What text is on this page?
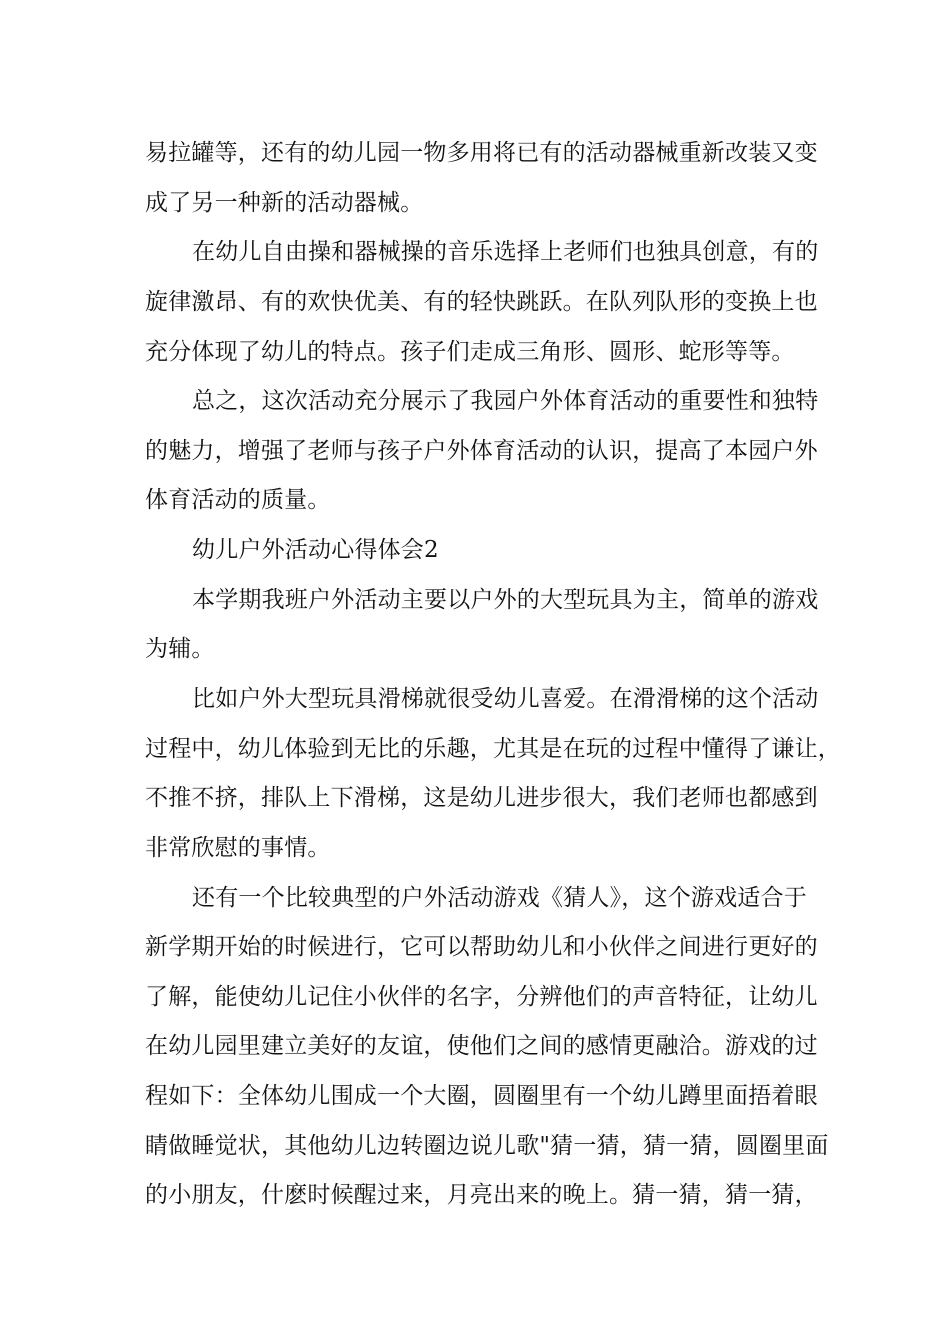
易拉罐等，还有的幼儿园一物多用将已有的活动器械重新改装又变
成了另一种新的活动器械。
在幼儿自由操和器械操的音乐选择上老师们也独具创意，有的
旋律激昂、有的欢快优美、有的轻快跳跃。在队列队形的变换上也
充分体现了幼儿的特点。孩子们走成三角形、圆形、蛇形等等。
总之，这次活动充分展示了我园户外体育活动的重要性和独特
的魅力，增强了老师与孩子户外体育活动的认识，提高了本园户外
体育活动的质量。
幼儿户外活动心得体会2
本学期我班户外活动主要以户外的大型玩具为主，简单的游戏
为辅。
比如户外大型玩具滑梯就很受幼儿喜爱。在滑滑梯的这个活动
过程中，幼儿体验到无比的乐趣，尤其是在玩的过程中懂得了谦让，
不推不挤，排队上下滑梯，这是幼儿进步很大，我们老师也都感到
非常欣慰的事情。
还有一个比较典型的户外活动游戏《猜人》，这个游戏适合于
新学期开始的时候进行，它可以帮助幼儿和小伙伴之间进行更好的
了解，能使幼儿记住小伙伴的名字，分辨他们的声音特征，让幼儿
在幼儿园里建立美好的友谊，使他们之间的感情更融洽。游戏的过
程如下：全体幼儿围成一个大圈，圆圈里有一个幼儿蹲里面捂着眼
睛做睡觉状，其他幼儿边转圈边说儿歌"猜一猜，猜一猜，圆圈里面
的小朋友，什麽时候醒过来，月亮出来的晚上。猜一猜，猜一猜，
